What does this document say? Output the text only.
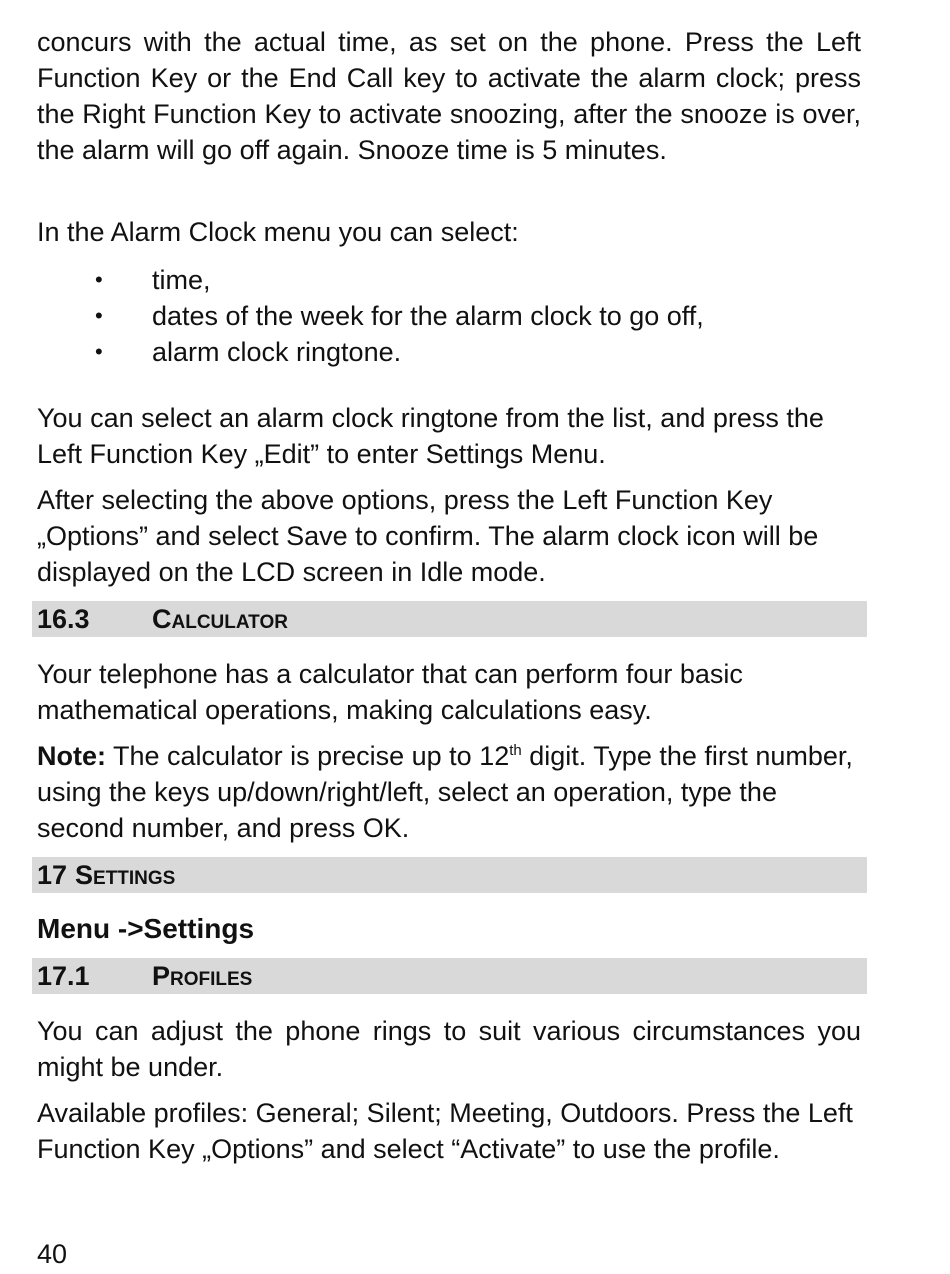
concurs with the actual time, as set on the phone. Press the Left Function Key or the End Call key to activate the alarm clock; press the Right Function Key to activate snoozing, after the snooze is over, the alarm will go off again. Snooze time is 5 minutes.

In the Alarm Clock menu you can select:

• time,
• dates of the week for the alarm clock to go off,
• alarm clock ringtone.

You can select an alarm clock ringtone from the list, and press the Left Function Key „Edit” to enter Settings Menu.

After selecting the above options, press the Left Function Key „Options” and select Save to confirm. The alarm clock icon will be displayed on the LCD screen in Idle mode.

16.3 Calculator

Your telephone has a calculator that can perform four basic mathematical operations, making calculations easy.

Note: The calculator is precise up to 12th digit. Type the first number, using the keys up/down/right/left, select an operation, type the second number, and press OK.

17 Settings

Menu ->Settings

17.1 Profiles

You can adjust the phone rings to suit various circumstances you might be under.

Available profiles: General; Silent; Meeting, Outdoors. Press the Left Function Key „Options” and select “Activate” to use the profile.

40
